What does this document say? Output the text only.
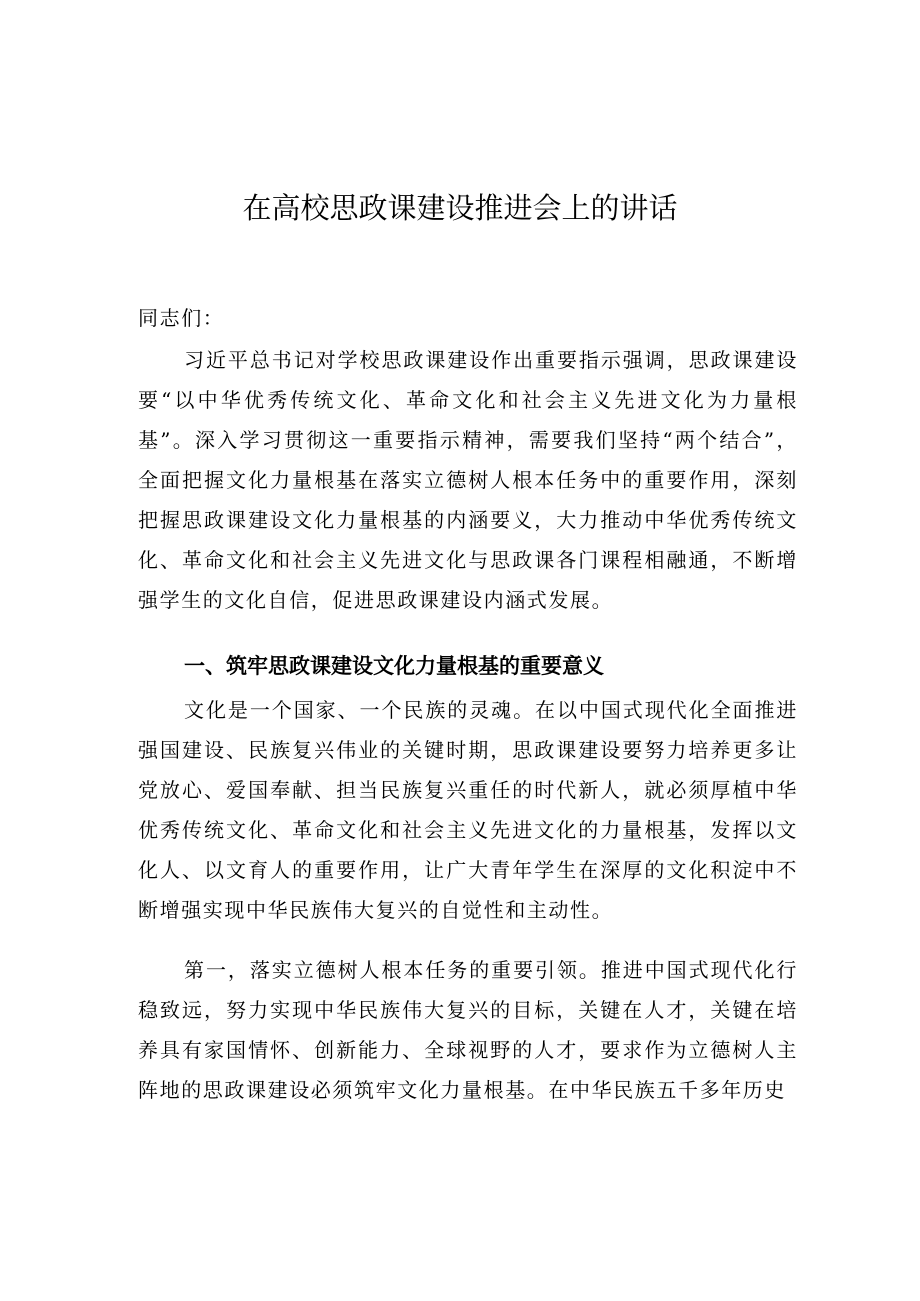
在高校思政课建设推进会上的讲话

同志们：

习近平总书记对学校思政课建设作出重要指示强调，思政课建设要“以中华优秀传统文化、革命文化和社会主义先进文化为力量根基”。深入学习贯彻这一重要指示精神，需要我们坚持“两个结合”，全面把握文化力量根基在落实立德树人根本任务中的重要作用，深刻把握思政课建设文化力量根基的内涵要义，大力推动中华优秀传统文化、革命文化和社会主义先进文化与思政课各门课程相融通，不断增强学生的文化自信，促进思政课建设内涵式发展。

一、筑牢思政课建设文化力量根基的重要意义

文化是一个国家、一个民族的灵魂。在以中国式现代化全面推进强国建设、民族复兴伟业的关键时期，思政课建设要努力培养更多让党放心、爱国奉献、担当民族复兴重任的时代新人，就必须厚植中华优秀传统文化、革命文化和社会主义先进文化的力量根基，发挥以文化人、以文育人的重要作用，让广大青年学生在深厚的文化积淀中不断增强实现中华民族伟大复兴的自觉性和主动性。

第一，落实立德树人根本任务的重要引领。推进中国式现代化行稳致远，努力实现中华民族伟大复兴的目标，关键在人才，关键在培养具有家国情怀、创新能力、全球视野的人才，要求作为立德树人主阵地的思政课建设必须筑牢文化力量根基。在中华民族五千多年历史
